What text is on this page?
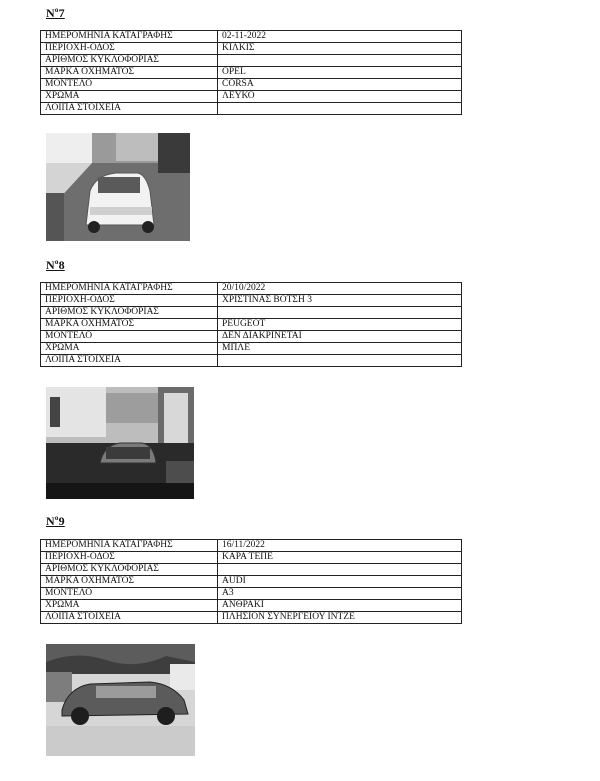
$N^o7$
ΗΜΕΡΟΜΗΝΙΑ ΚΑΤΑΓΡΑΦΗΣ	02-11-2022
ΠΕΡΙΟΧΗ-ΟΔΟΣ	ΚΙΛΚΙΣ
ΑΡΙΘΜΟΣ ΚΥΚΛΟΦΟΡΙΑΣ	
ΜΑΡΚΑ ΟΧΗΜΑΤΟΣ	OPEL
ΜΟΝΤΕΛΟ	CORSA
ΧΡΩΜΑ	ΛΕΥΚΟ
ΛΟΙΠΑ ΣΤΟΙΧΕΙΑ	
$N^o8$
ΗΜΕΡΟΜΗΝΙΑ ΚΑΤΑΓΡΑΦΗΣ	20/10/2022
ΠΕΡΙΟΧΗ-ΟΔΟΣ	ΧΡΙΣΤΙΝΑΣ ΒΟΤΣΗ 3
ΑΡΙΘΜΟΣ ΚΥΚΛΟΦΟΡΙΑΣ	
ΜΑΡΚΑ ΟΧΗΜΑΤΟΣ	PEUGEOT
ΜΟΝΤΕΛΟ	ΔΕΝ ΔΙΑΚΡΙΝΕΤΑΙ
ΧΡΩΜΑ	ΜΠΛΕ
ΛΟΙΠΑ ΣΤΟΙΧΕΙΑ	
$N^o9$
ΗΜΕΡΟΜΗΝΙΑ ΚΑΤΑΓΡΑΦΗΣ	16/11/2022
ΠΕΡΙΟΧΗ-ΟΔΟΣ	ΚΑΡΑ ΤΕΠΕ
ΑΡΙΘΜΟΣ ΚΥΚΛΟΦΟΡΙΑΣ	
ΜΑΡΚΑ ΟΧΗΜΑΤΟΣ	AUDI
ΜΟΝΤΕΛΟ	A3
ΧΡΩΜΑ	ΑΝΘΡΑΚΙ
ΛΟΙΠΑ ΣΤΟΙΧΕΙΑ	ΠΛΗΣΙΟΝ ΣΥΝΕΡΓΕΙΟΥ ΙΝΤΖΕ
